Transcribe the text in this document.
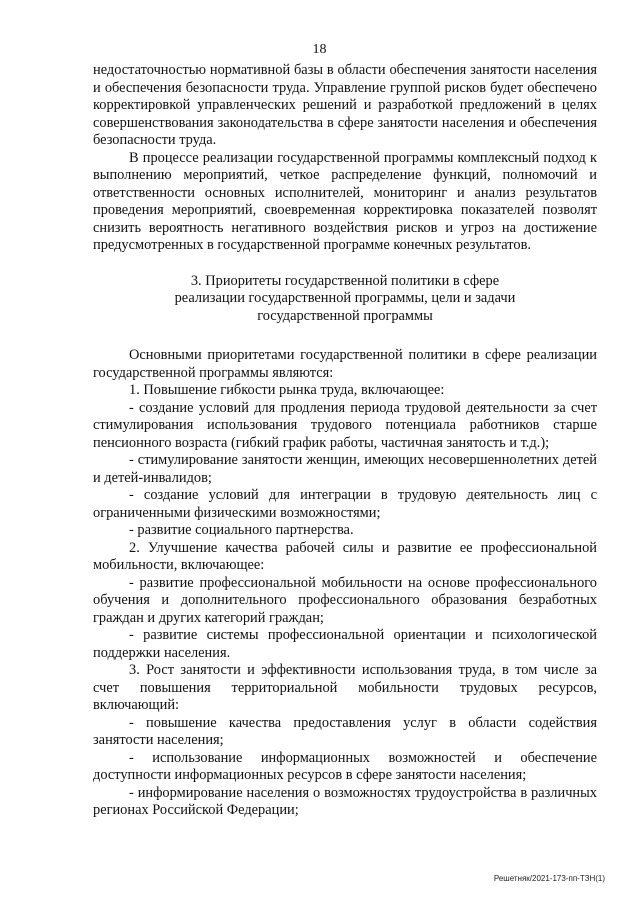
18

недостаточностью нормативной базы в области обеспечения занятости населения и обеспечения безопасности труда. Управление группой рисков будет обеспечено корректировкой управленческих решений и разработкой предложений в целях совершенствования законодательства в сфере занятости населения и обеспечения безопасности труда.

В процессе реализации государственной программы комплексный подход к выполнению мероприятий, четкое распределение функций, полномочий и ответственности основных исполнителей, мониторинг и анализ результатов проведения мероприятий, своевременная корректировка показателей позволят снизить вероятность негативного воздействия рисков и угроз на достижение предусмотренных в государственной программе конечных результатов.

3. Приоритеты государственной политики в сфере
реализации государственной программы, цели и задачи
государственной программы

Основными приоритетами государственной политики в сфере реализации государственной программы являются:

1. Повышение гибкости рынка труда, включающее:

- создание условий для продления периода трудовой деятельности за счет стимулирования использования трудового потенциала работников старше пенсионного возраста (гибкий график работы, частичная занятость и т.д.);

- стимулирование занятости женщин, имеющих несовершеннолетних детей и детей-инвалидов;

- создание условий для интеграции в трудовую деятельность лиц с ограниченными физическими возможностями;

- развитие социального партнерства.

2. Улучшение качества рабочей силы и развитие ее профессиональной мобильности, включающее:

- развитие профессиональной мобильности на основе профессионального обучения и дополнительного профессионального образования безработных граждан и других категорий граждан;

- развитие системы профессиональной ориентации и психологической поддержки населения.

3. Рост занятости и эффективности использования труда, в том числе за счет повышения территориальной мобильности трудовых ресурсов, включающий:

- повышение качества предоставления услуг в области содействия занятости населения;

- использование информационных возможностей и обеспечение доступности информационных ресурсов в сфере занятости населения;

- информирование населения о возможностях трудоустройства в различных регионах Российской Федерации;

Решетняк/2021-173-пп-ТЗН(1)
